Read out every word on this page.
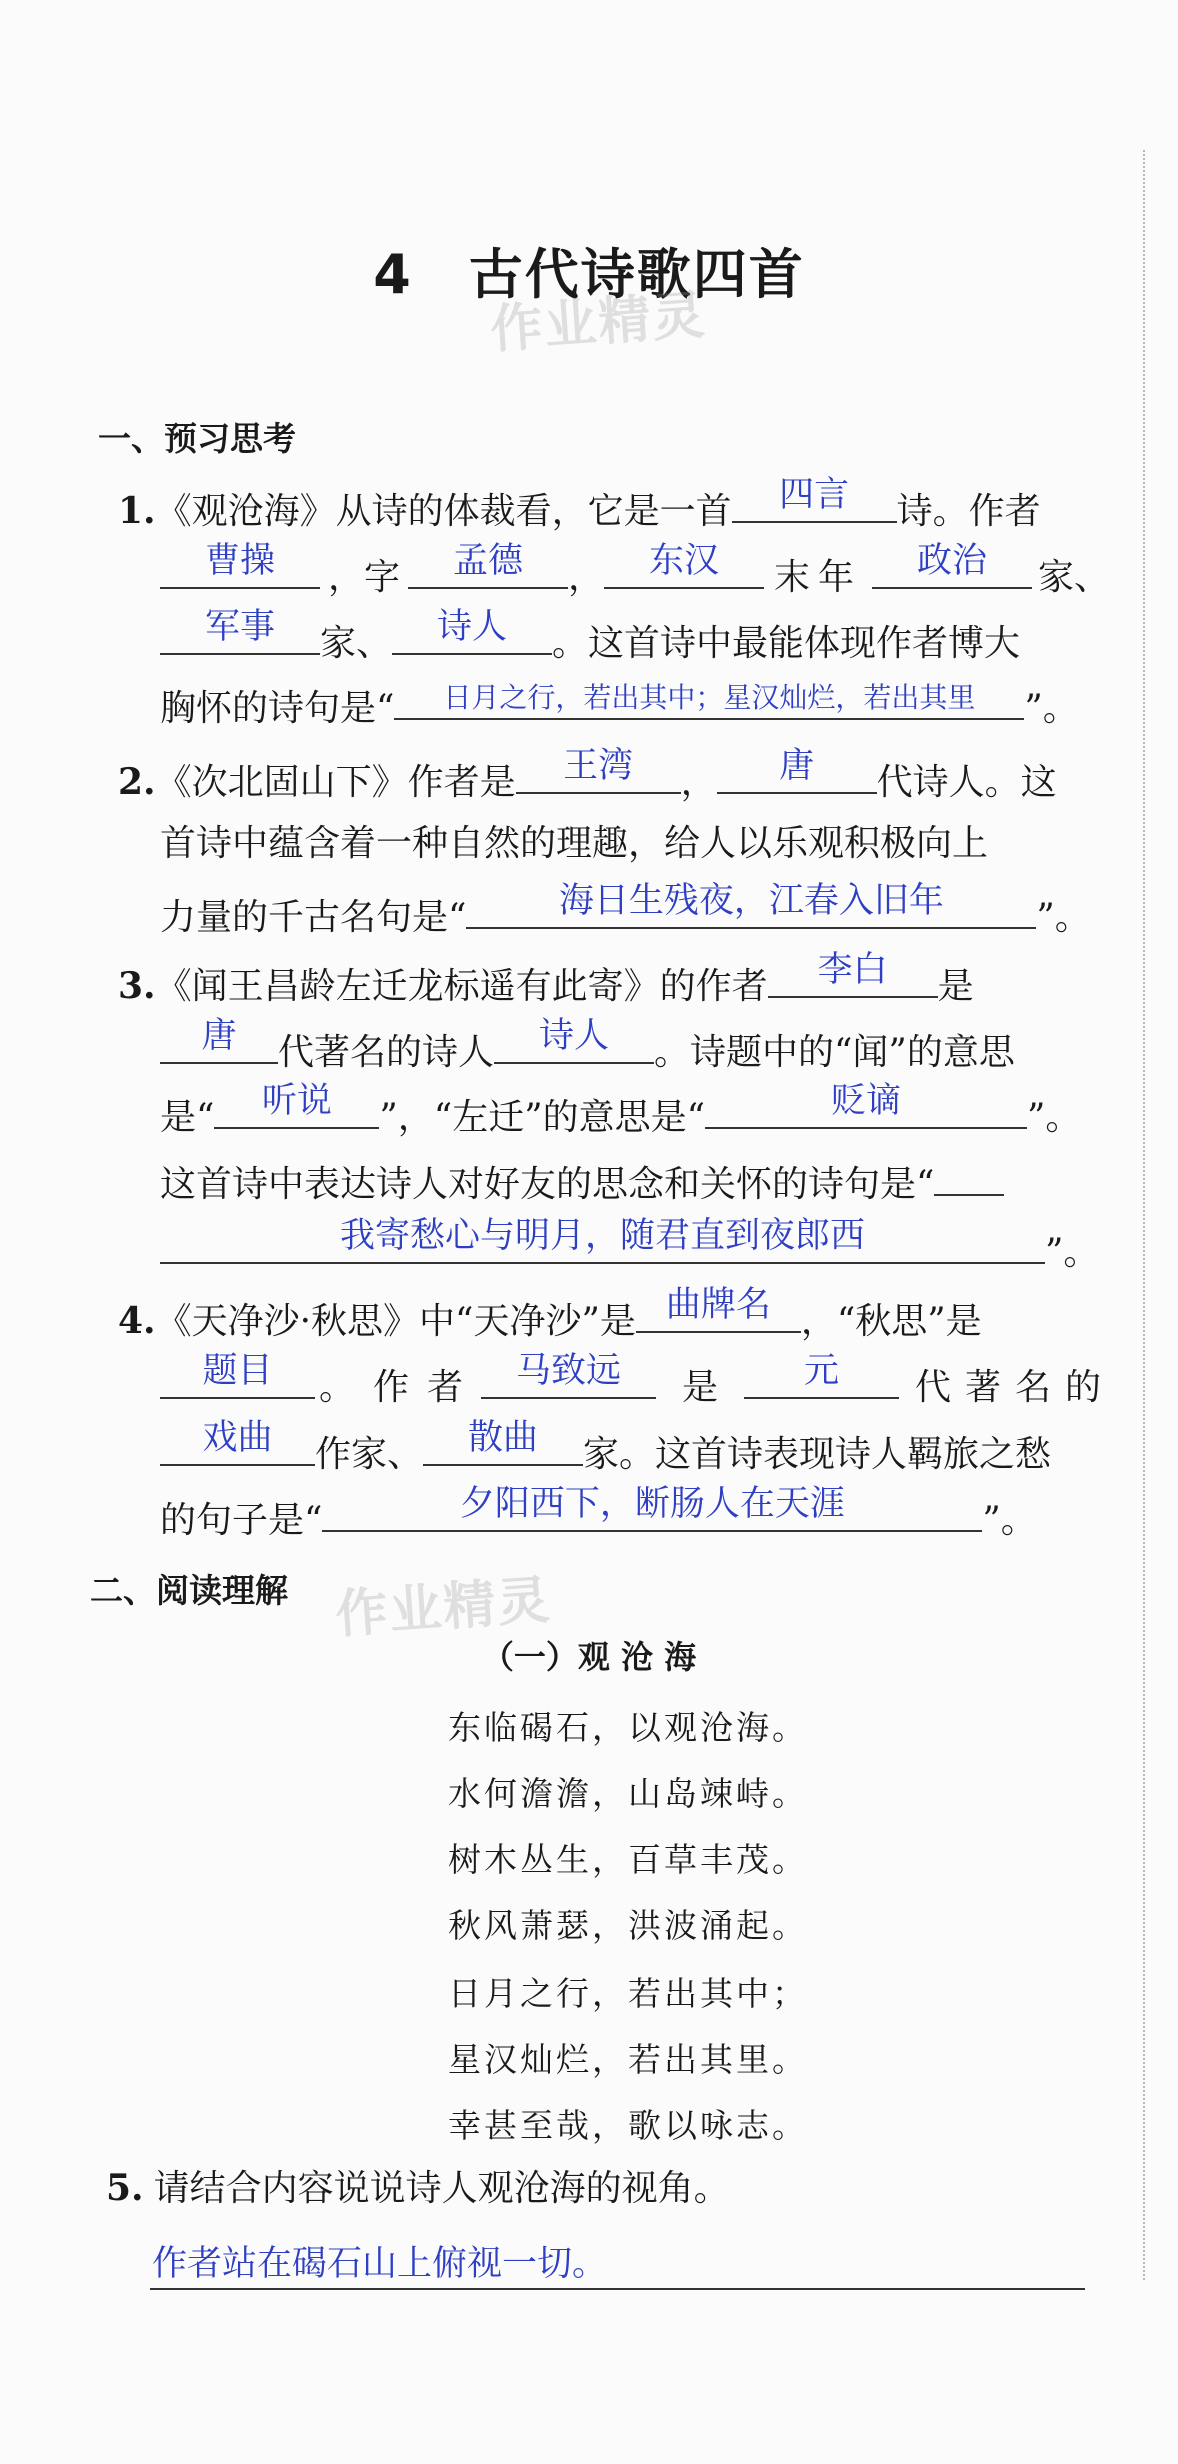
4 古代诗歌四首
作业精灵
一、预习思考
1.《观沧海》从诗的体裁看，它是一首	四言	诗。作者
曹操	，字	孟德	，	东汉	末年	政治	家、
军事	家、	诗人	。这首诗中最能体现作者博大
胸怀的诗句是“	日月之行，若出其中；星汉灿烂，若出其里	”。
2.《次北固山下》作者是	王湾	，	唐	代诗人。这
首诗中蕴含着一种自然的理趣，给人以乐观积极向上
力量的千古名句是“	海日生残夜，江春入旧年	”。
3.《闻王昌龄左迁龙标遥有此寄》的作者	李白	是
唐	代著名的诗人	诗人	。诗题中的“闻”的意思
是“	听说	”，“左迁”的意思是“	贬谪	”。
这首诗中表达诗人对好友的思念和关怀的诗句是“
我寄愁心与明月，随君直到夜郎西	”。
4.《天净沙·秋思》中“天净沙”是 曲牌名 ，“秋思”是
题目	。作者 马致远	是	元	代著名的
戏曲	作家、	散曲	家。这首诗表现诗人羁旅之愁
的句子是“	夕阳西下，断肠人在天涯	”。
二、阅读理解 作业精灵
（一）观 沧 海
东临碣石，以观沧海。
水何澹澹，山岛竦峙。
树木丛生，百草丰茂。
秋风萧瑟，洪波涌起。
日月之行，若出其中；
星汉灿烂，若出其里。
幸甚至哉，歌以咏志。
5. 请结合内容说说诗人观沧海的视角。
作者站在碣石山上俯视一切。
